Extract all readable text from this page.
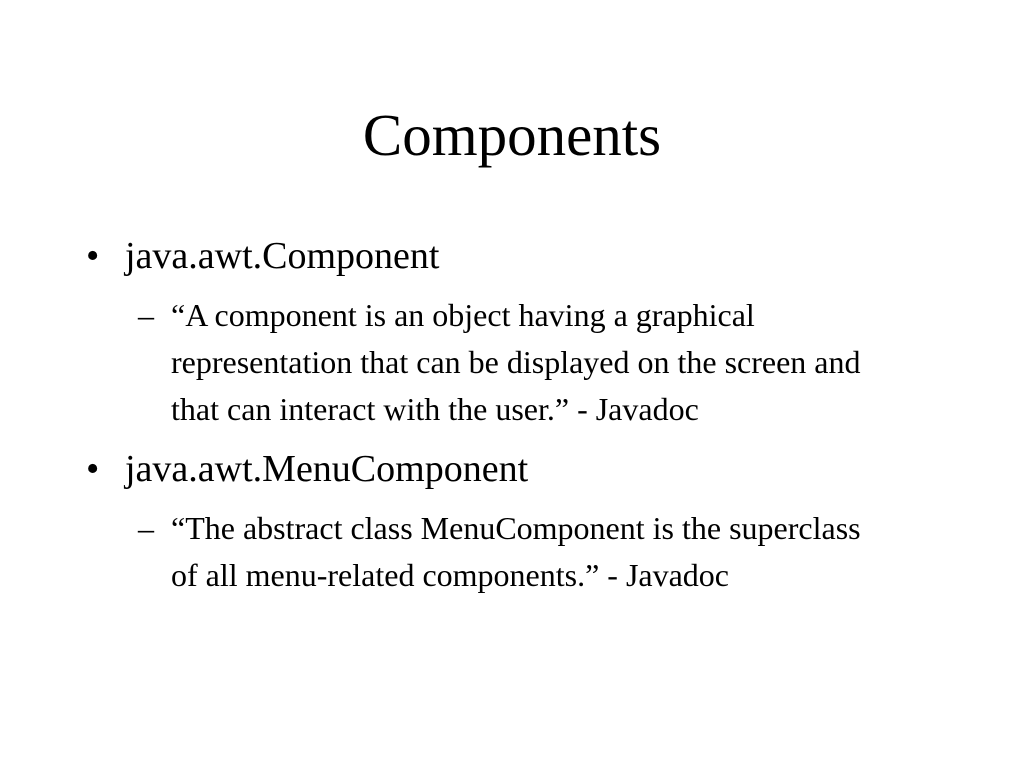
Components
• java.awt.Component
– “A component is an object having a graphical representation that can be displayed on the screen and that can interact with the user.” - Javadoc
• java.awt.MenuComponent
– “The abstract class MenuComponent is the superclass of all menu-related components.” - Javadoc
